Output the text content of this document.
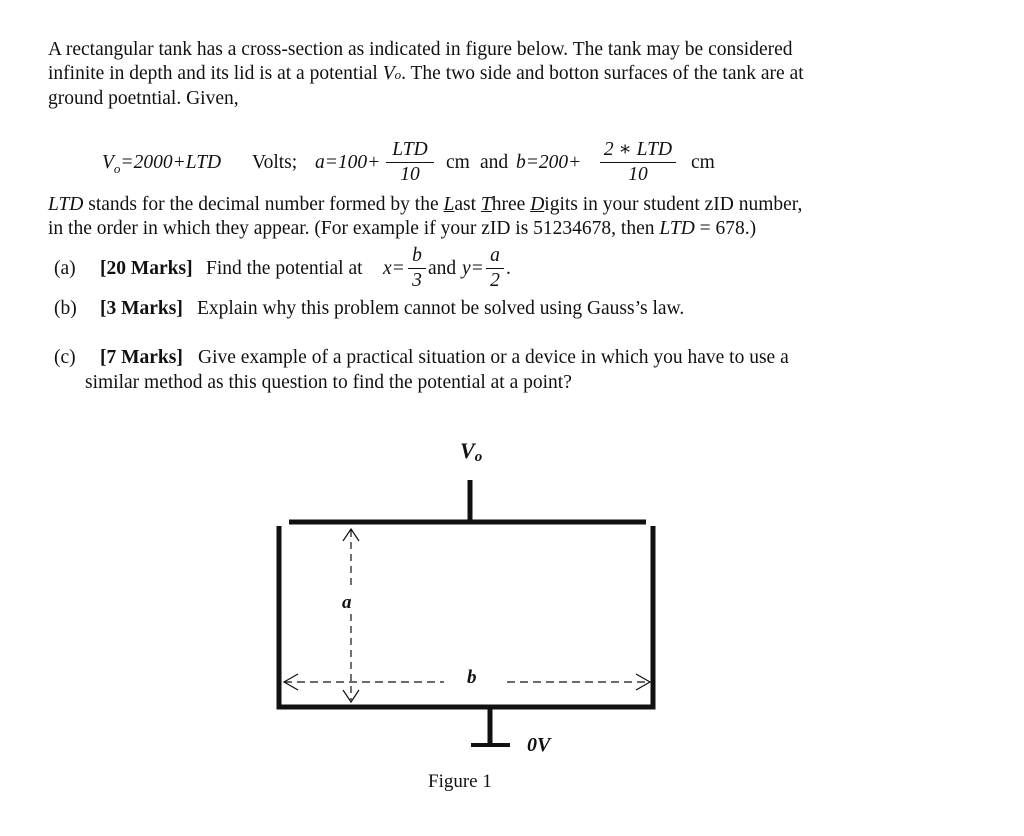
A rectangular tank has a cross-section as indicated in figure below. The tank may be considered
infinite in depth and its lid is at a potential Vo. The two side and botton surfaces of the tank are at
ground poetntial. Given,
$V_o=2000+LTD$ Volts; a=100+
LTD
10
cm and b=200+
2 ∗ LTD
10
cm
LTD stands for the decimal number formed by the Last Three Digits in your student zID number,
in the order in which they appear. (For example if your zID is 51234678, then LTD = 678.)
(a) [20 Marks] Find the potential at x=
b
3
and y=
a
2
.
(b) [3 Marks] Explain why this problem cannot be solved using Gauss’s law.
(c) [7 Marks] Give example of a practical situation or a device in which you have to use a
similar method as this question to find the potential at a point?
Vo
a
b
0V
Figure 1
